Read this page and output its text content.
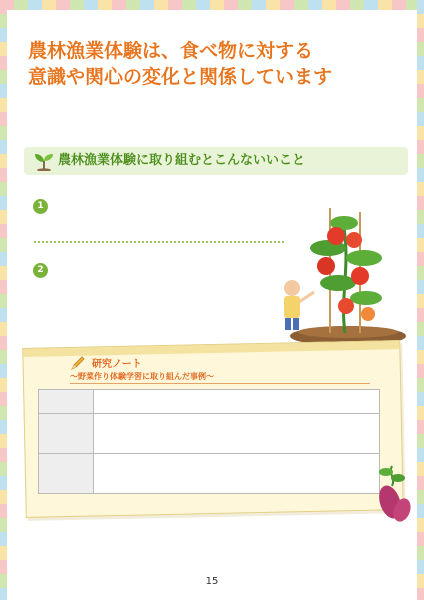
農林漁業体験は、食べ物に対する
意識や関心の変化と関係しています

農林漁業体験に取り組むとこんないいこと
1

2

研究ノート

～野菜作り体験学習に取り組んだ事例～

15
